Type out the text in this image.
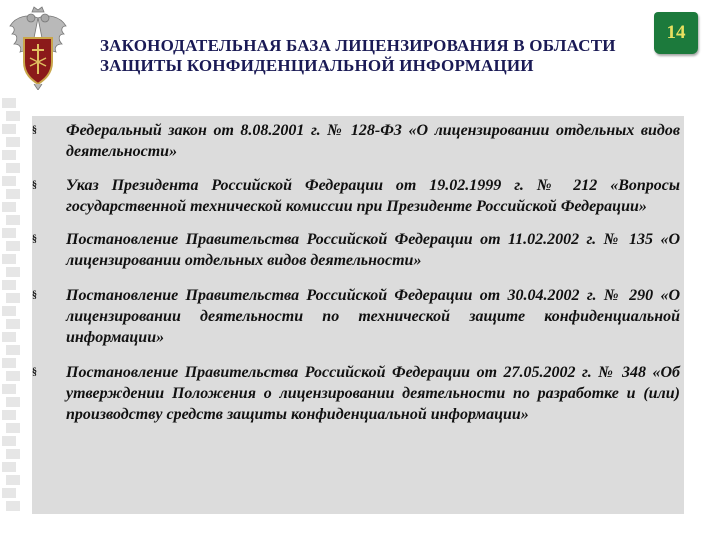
ЗАКОНОДАТЕЛЬНАЯ БАЗА ЛИЦЕНЗИРОВАНИЯ В ОБЛАСТИ ЗАЩИТЫ КОНФИДЕНЦИАЛЬНОЙ ИНФОРМАЦИИ
14
§	Федеральный закон от 8.08.2001 г. № 128-ФЗ «О лицензировании отдельных видов деятельности»
§	Указ Президента Российской Федерации от 19.02.1999 г. № 212 «Вопросы государственной технической комиссии при Президенте Российской Федерации»
§	Постановление Правительства Российской Федерации от 11.02.2002 г. № 135 «О лицензировании отдельных видов деятельности»
§	Постановление Правительства Российской Федерации от 30.04.2002 г. № 290 «О лицензировании деятельности по технической защите конфиденциальной информации»
§	Постановление Правительства Российской Федерации от 27.05.2002 г. № 348 «Об утверждении Положения о лицензировании деятельности по разработке и (или) производству средств защиты конфиденциальной информации»
